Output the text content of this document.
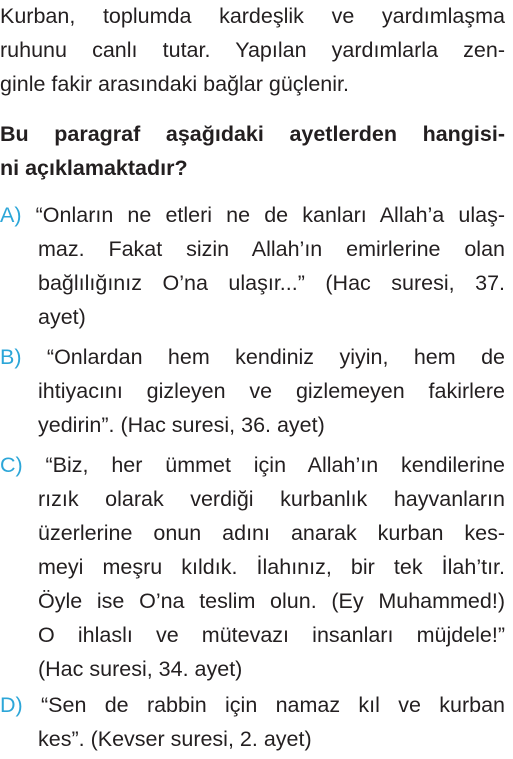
Kurban, toplumda kardeşlik ve yardımlaşma
ruhunu canlı tutar. Yapılan yardımlarla zen-
ginle fakir arasındaki bağlar güçlenir.
Bu paragraf aşağıdaki ayetlerden hangisi-
ni açıklamaktadır?
A) “Onların ne etleri ne de kanları Allah’a ulaş-
maz. Fakat sizin Allah’ın emirlerine olan
bağlılığınız O’na ulaşır...” (Hac suresi, 37.
ayet)
B) “Onlardan hem kendiniz yiyin, hem de
ihtiyacını gizleyen ve gizlemeyen fakirlere
yedirin”. (Hac suresi, 36. ayet)
C) “Biz, her ümmet için Allah’ın kendilerine
rızık olarak verdiği kurbanlık hayvanların
üzerlerine onun adını anarak kurban kes-
meyi meşru kıldık. İlahınız, bir tek İlah’tır.
Öyle ise O’na teslim olun. (Ey Muhammed!)
O ihlaslı ve mütevazı insanları müjdele!”
(Hac suresi, 34. ayet)
D) “Sen de rabbin için namaz kıl ve kurban
kes”. (Kevser suresi, 2. ayet)
